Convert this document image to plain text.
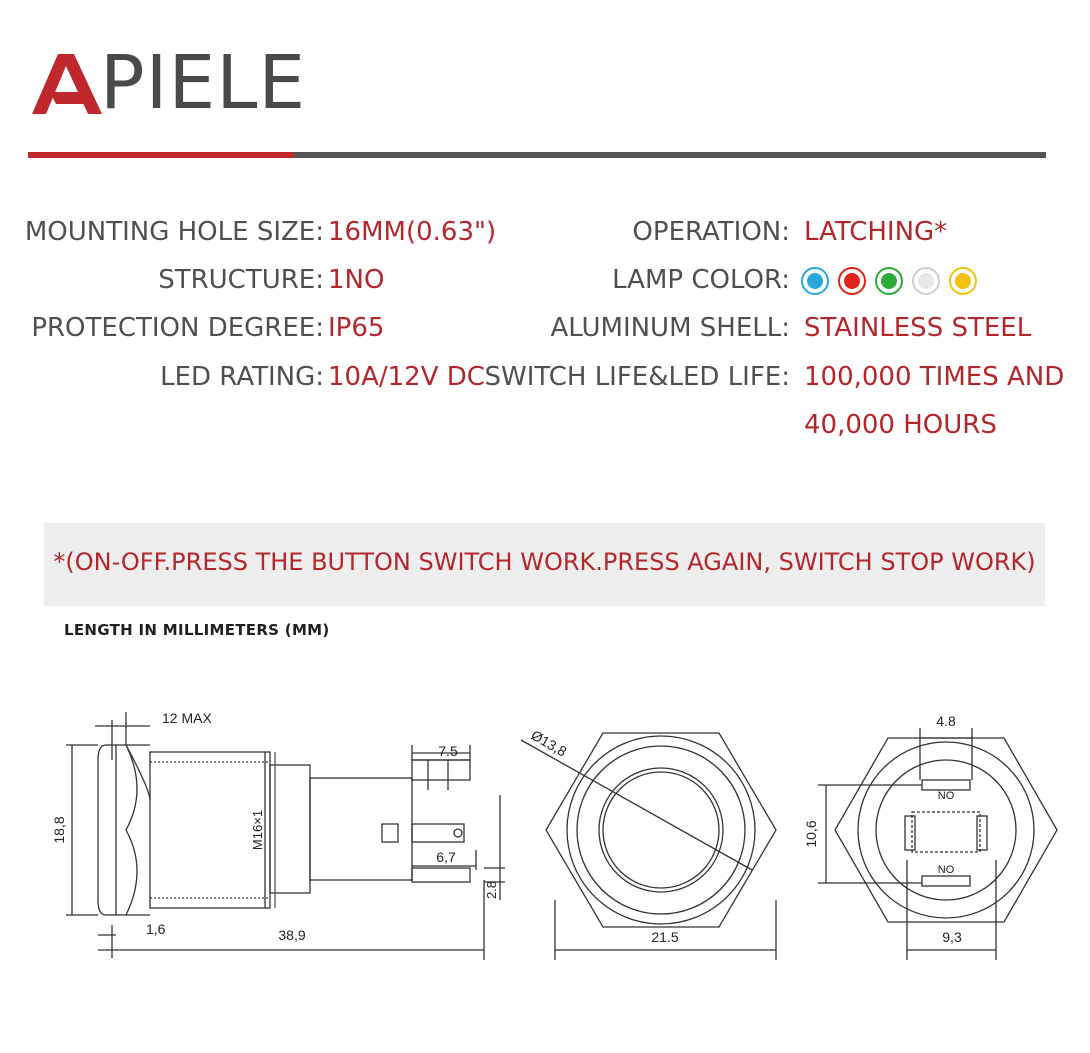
PIELE
MOUNTING HOLE SIZE: 16MM(0.63")
STRUCTURE: 1NO
PROTECTION DEGREE: IP65
LED RATING: 10A/12V DC
OPERATION: LATCHING*
LAMP COLOR:
ALUMINUM SHELL: STAINLESS STEEL
SWITCH LIFE&LED LIFE: 100,000 TIMES AND
40,000 HOURS
*(ON-OFF.PRESS THE BUTTON SWITCH WORK.PRESS AGAIN, SWITCH STOP WORK)
LENGTH IN MILLIMETERS (MM)
12 MAX
18,8
1,6
M16×1
38,9
7.5
6,7
2.8
Ø13,8
21.5
4.8
10,6
9,3
NO
NO
